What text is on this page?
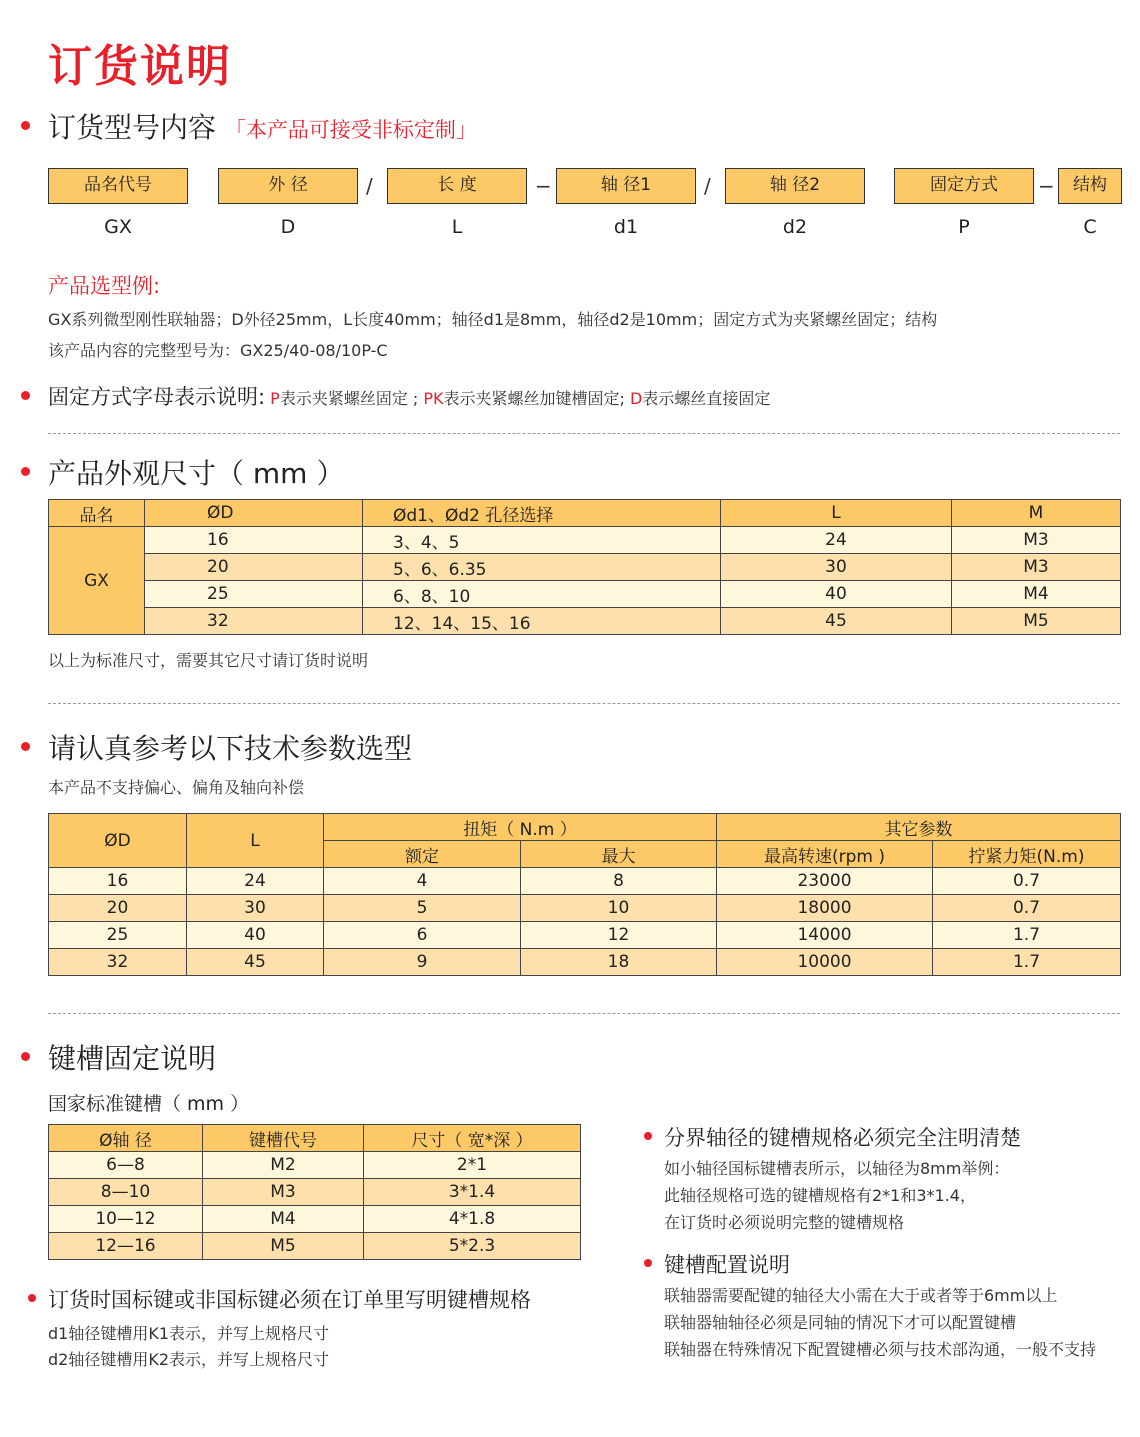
订货说明
订货型号内容 「本产品可接受非标定制」
品名代号	外 径	长 度	轴 径1	轴 径2	固定方式	结构
/	−	/	−
GX	D	L	d1	d2	P	C
产品选型例:
GX系列微型刚性联轴器；D外径25mm，L长度40mm；轴径d1是8mm，轴径d2是10mm；固定方式为夹紧螺丝固定；结构
该产品内容的完整型号为：GX25/40-08/10P-C
固定方式字母表示说明: P表示夹紧螺丝固定 ; PK表示夹紧螺丝加键槽固定; D表示螺丝直接固定
产品外观尺寸（ mm ）
品名	ØD	Ød1、Ød2 孔径选择	L	M
GX	16	3、4、5	24	M3
	20	5、6、6.35	30	M3
	25	6、8、10	40	M4
	32	12、14、15、16	45	M5
以上为标准尺寸，需要其它尺寸请订货时说明
请认真参考以下技术参数选型
本产品不支持偏心、偏角及轴向补偿
ØD	L	扭矩（ N.m ）		其它参数	
		额定	最大	最高转速(rpm )	拧紧力矩(N.m)
16	24	4	8	23000	0.7
20	30	5	10	18000	0.7
25	40	6	12	14000	1.7
32	45	9	18	10000	1.7
键槽固定说明
国家标准键槽（ mm ）
Ø轴 径	键槽代号	尺寸（ 宽*深 ）
6—8	M2	2*1
8—10	M3	3*1.4
10—12	M4	4*1.8
12—16	M5	5*2.3
订货时国标键或非国标键必须在订单里写明键槽规格
d1轴径键槽用K1表示，并写上规格尺寸
d2轴径键槽用K2表示，并写上规格尺寸
分界轴径的键槽规格必须完全注明清楚
如小轴径国标键槽表所示，以轴径为8mm举例：
此轴径规格可选的键槽规格有2*1和3*1.4，
在订货时必须说明完整的键槽规格
键槽配置说明
联轴器需要配键的轴径大小需在大于或者等于6mm以上
联轴器轴轴径必须是同轴的情况下才可以配置键槽
联轴器在特殊情况下配置键槽必须与技术部沟通，一般不支持
